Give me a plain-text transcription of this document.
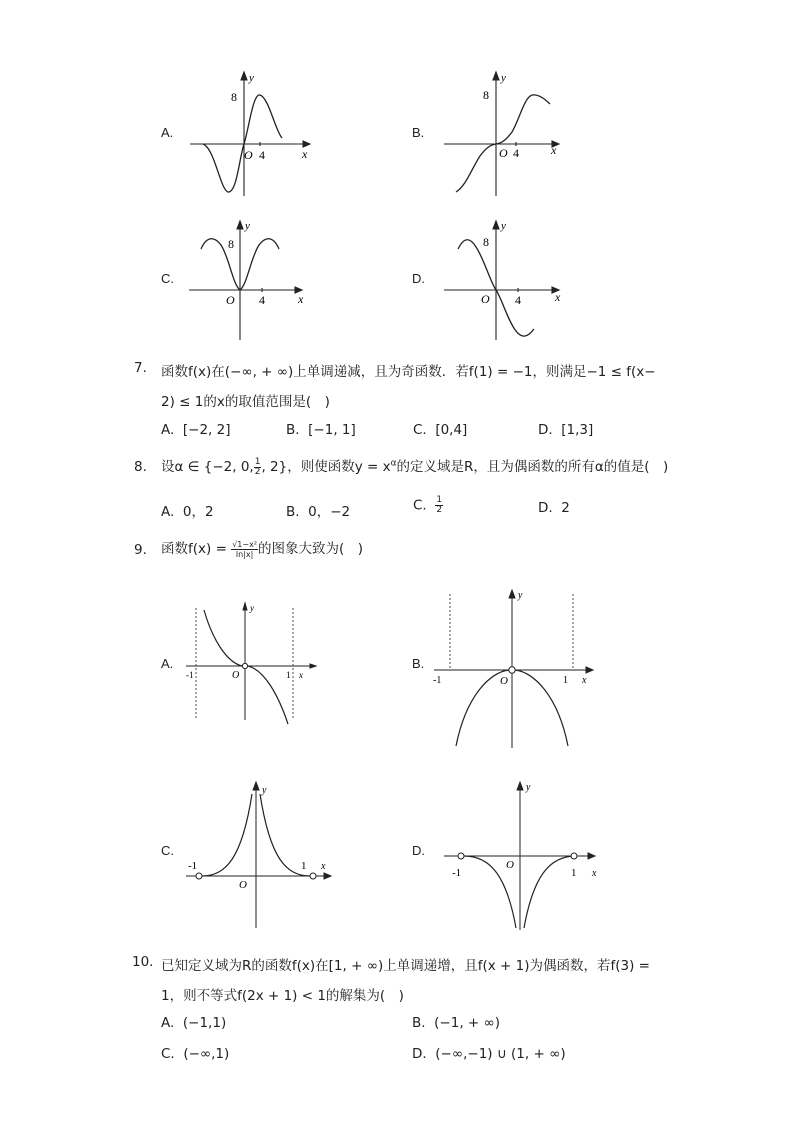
A.
y
8
O 4	x
B.
y
8
O 4	x
C.
y
8
O 4	x
D.
y
8
O 4	x
7. 函数f(x)在(−∞, + ∞)上单调递减，且为奇函数．若f(1) = −1，则满足−1 ≤ f(x−
2) ≤ 1的x的取值范围是(　)
A. [−2, 2]	B. [−1, 1]	C. [0,4]	D. [1,3]
8. 设α ∈ {−2, 0, $\frac{1}{2}$ , 2}，则使函数$y = x^\alpha$的定义域是R，且为偶函数的所有α的值是(　)
A. 0，2	B. 0，−2	C. $\frac{1}{2}$	D. 2
9. 函数$f(x) = \frac{\text{√1−x²}}{\ln|x|}$ 的图象大致为(　)
A.
y
-1	O	1 x
B.
y
-1	O	1 x
C.
y
-1
O
1 x
D.
y
-1
O
1 x
10. 已知定义域为R的函数f(x)在[1, + ∞)上单调递增，且f(x + 1)为偶函数，若f(3) =
1，则不等式f(2x + 1) < 1的解集为(　)
A. (−1,1)	B. (−1, + ∞)
C. (−∞,1)	D. (−∞,−1) ∪ (1, + ∞)
